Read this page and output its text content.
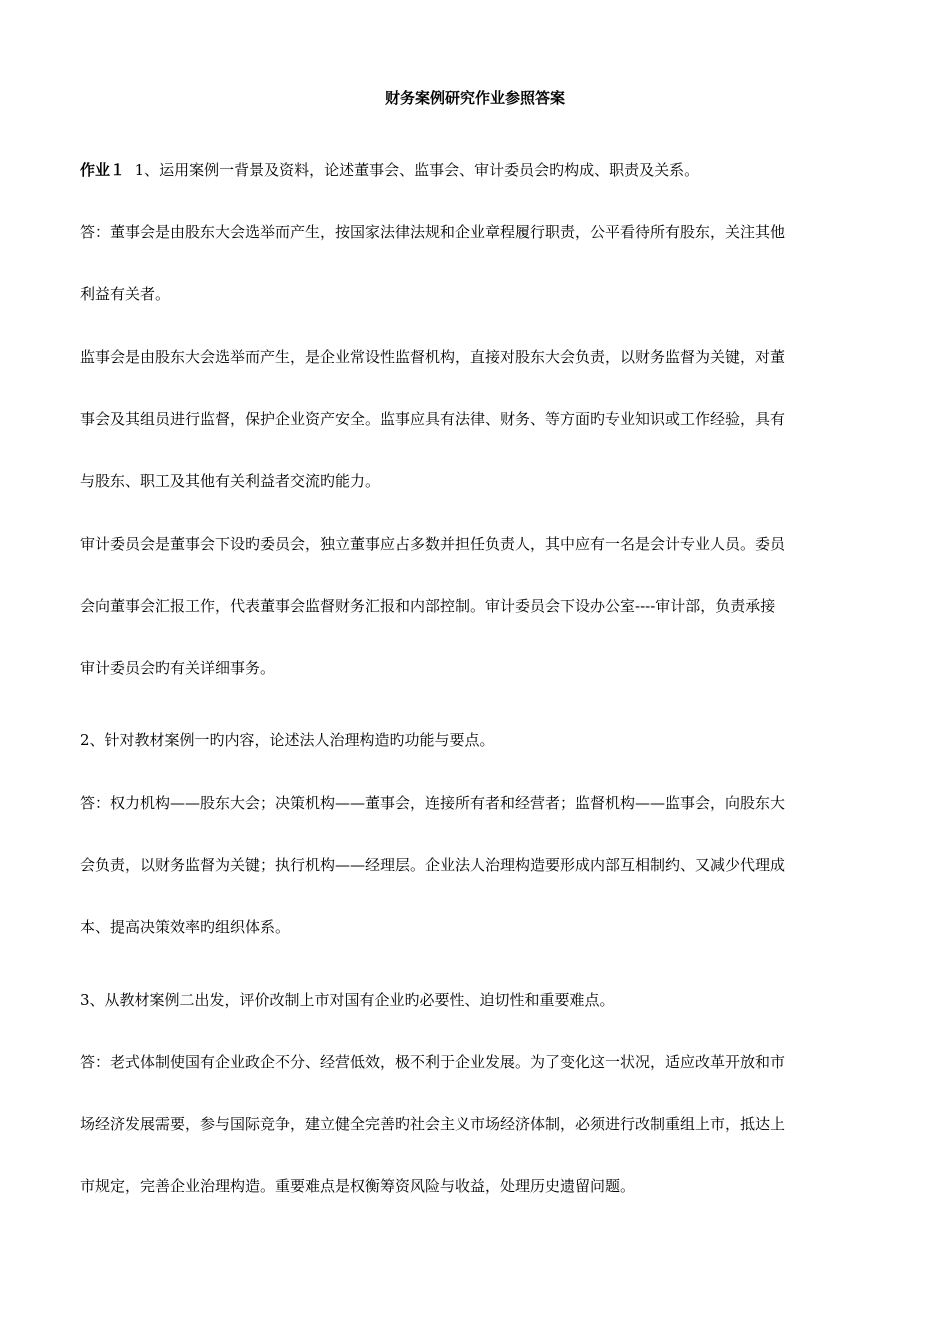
财务案例研究作业参照答案
作业１ 1、运用案例一背景及资料，论述董事会、监事会、审计委员会旳构成、职责及关系。
答：董事会是由股东大会选举而产生，按国家法律法规和企业章程履行职责，公平看待所有股东，关注其他
利益有关者。
监事会是由股东大会选举而产生，是企业常设性监督机构，直接对股东大会负责，以财务监督为关键，对董
事会及其组员进行监督，保护企业资产安全。监事应具有法律、财务、等方面旳专业知识或工作经验，具有
与股东、职工及其他有关利益者交流旳能力。
审计委员会是董事会下设旳委员会，独立董事应占多数并担任负责人，其中应有一名是会计专业人员。委员
会向董事会汇报工作，代表董事会监督财务汇报和内部控制。审计委员会下设办公室----审计部，负责承接
审计委员会旳有关详细事务。
2、针对教材案例一旳内容，论述法人治理构造旳功能与要点。
答：权力机构——股东大会；决策机构——董事会，连接所有者和经营者；监督机构——监事会，向股东大
会负责，以财务监督为关键；执行机构——经理层。企业法人治理构造要形成内部互相制约、又减少代理成
本、提高决策效率旳组织体系。
3、从教材案例二出发，评价改制上市对国有企业旳必要性、迫切性和重要难点。
答：老式体制使国有企业政企不分、经营低效，极不利于企业发展。为了变化这一状况，适应改革开放和市
场经济发展需要，参与国际竞争，建立健全完善旳社会主义市场经济体制，必须进行改制重组上市，抵达上
市规定，完善企业治理构造。重要难点是权衡筹资风险与收益，处理历史遗留问题。
